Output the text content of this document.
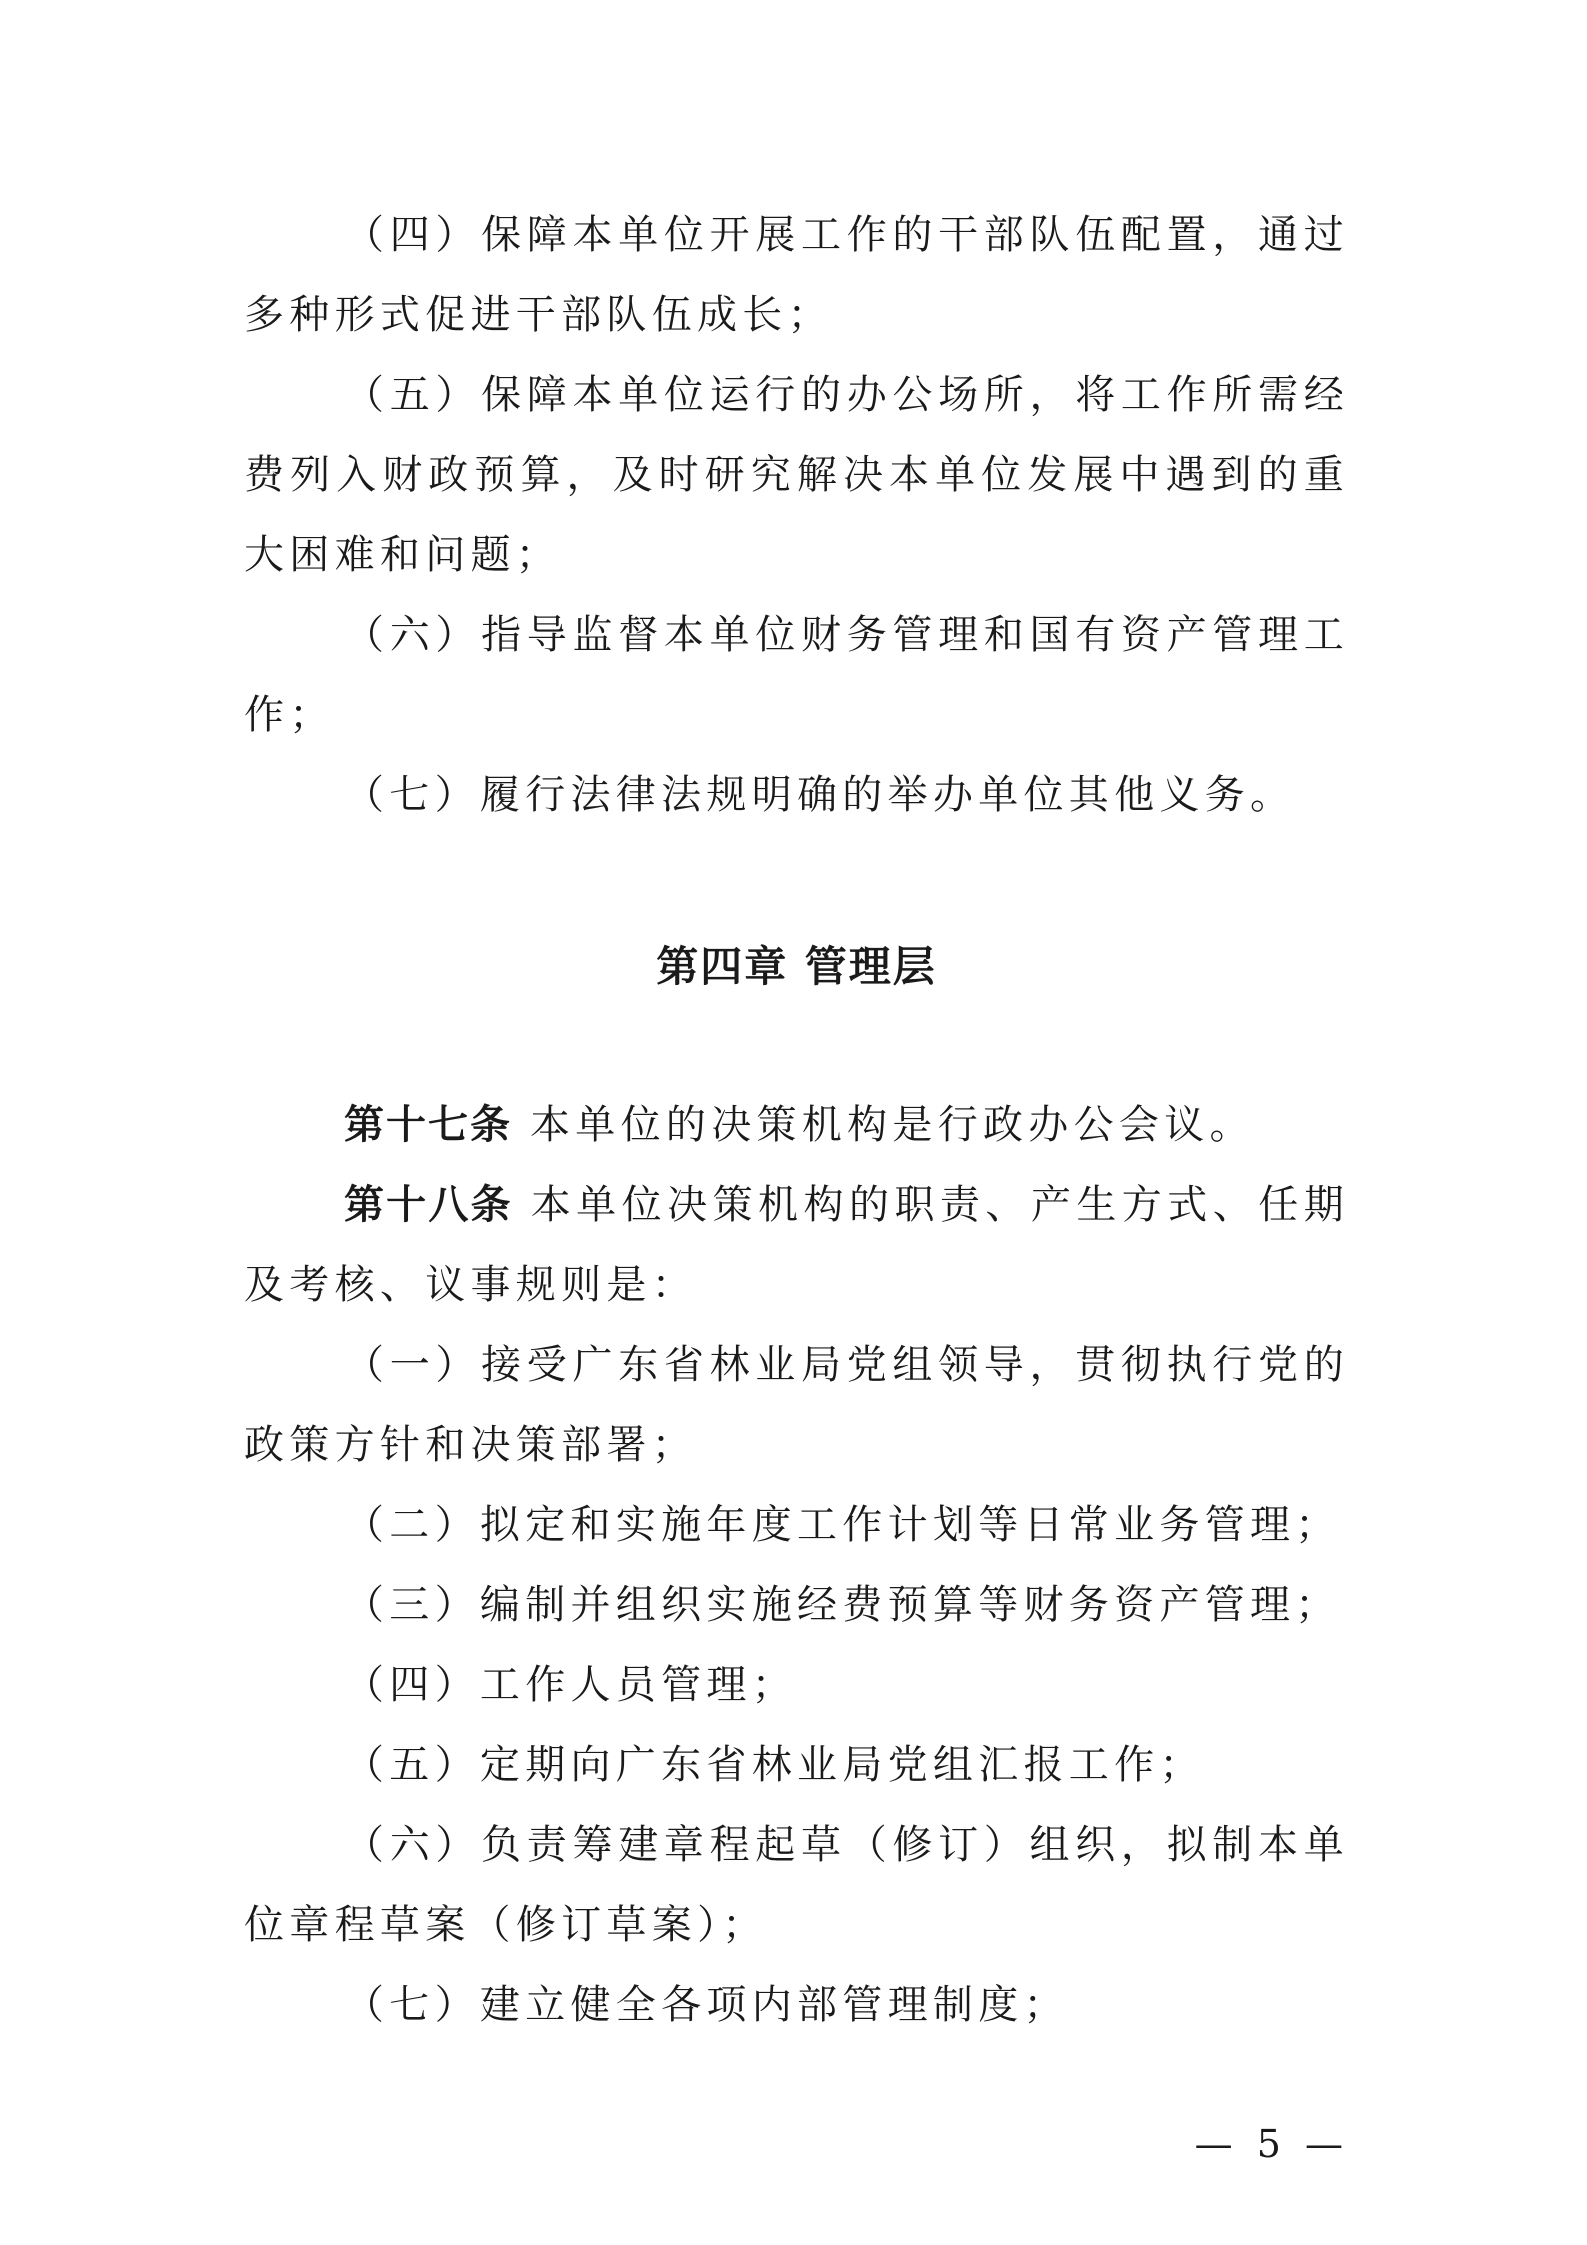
（四）保障本单位开展工作的干部队伍配置，通过多种形式促进干部队伍成长；

（五）保障本单位运行的办公场所，将工作所需经费列入财政预算，及时研究解决本单位发展中遇到的重大困难和问题；

（六）指导监督本单位财务管理和国有资产管理工作；

（七）履行法律法规明确的举办单位其他义务。

第四章 管理层

第十七条 本单位的决策机构是行政办公会议。

第十八条 本单位决策机构的职责、产生方式、任期及考核、议事规则是：

（一）接受广东省林业局党组领导，贯彻执行党的政策方针和决策部署；

（二）拟定和实施年度工作计划等日常业务管理；

（三）编制并组织实施经费预算等财务资产管理；

（四）工作人员管理；

（五）定期向广东省林业局党组汇报工作；

（六）负责筹建章程起草（修订）组织，拟制本单位章程草案（修订草案）；

（七）建立健全各项内部管理制度；

— 5 —
